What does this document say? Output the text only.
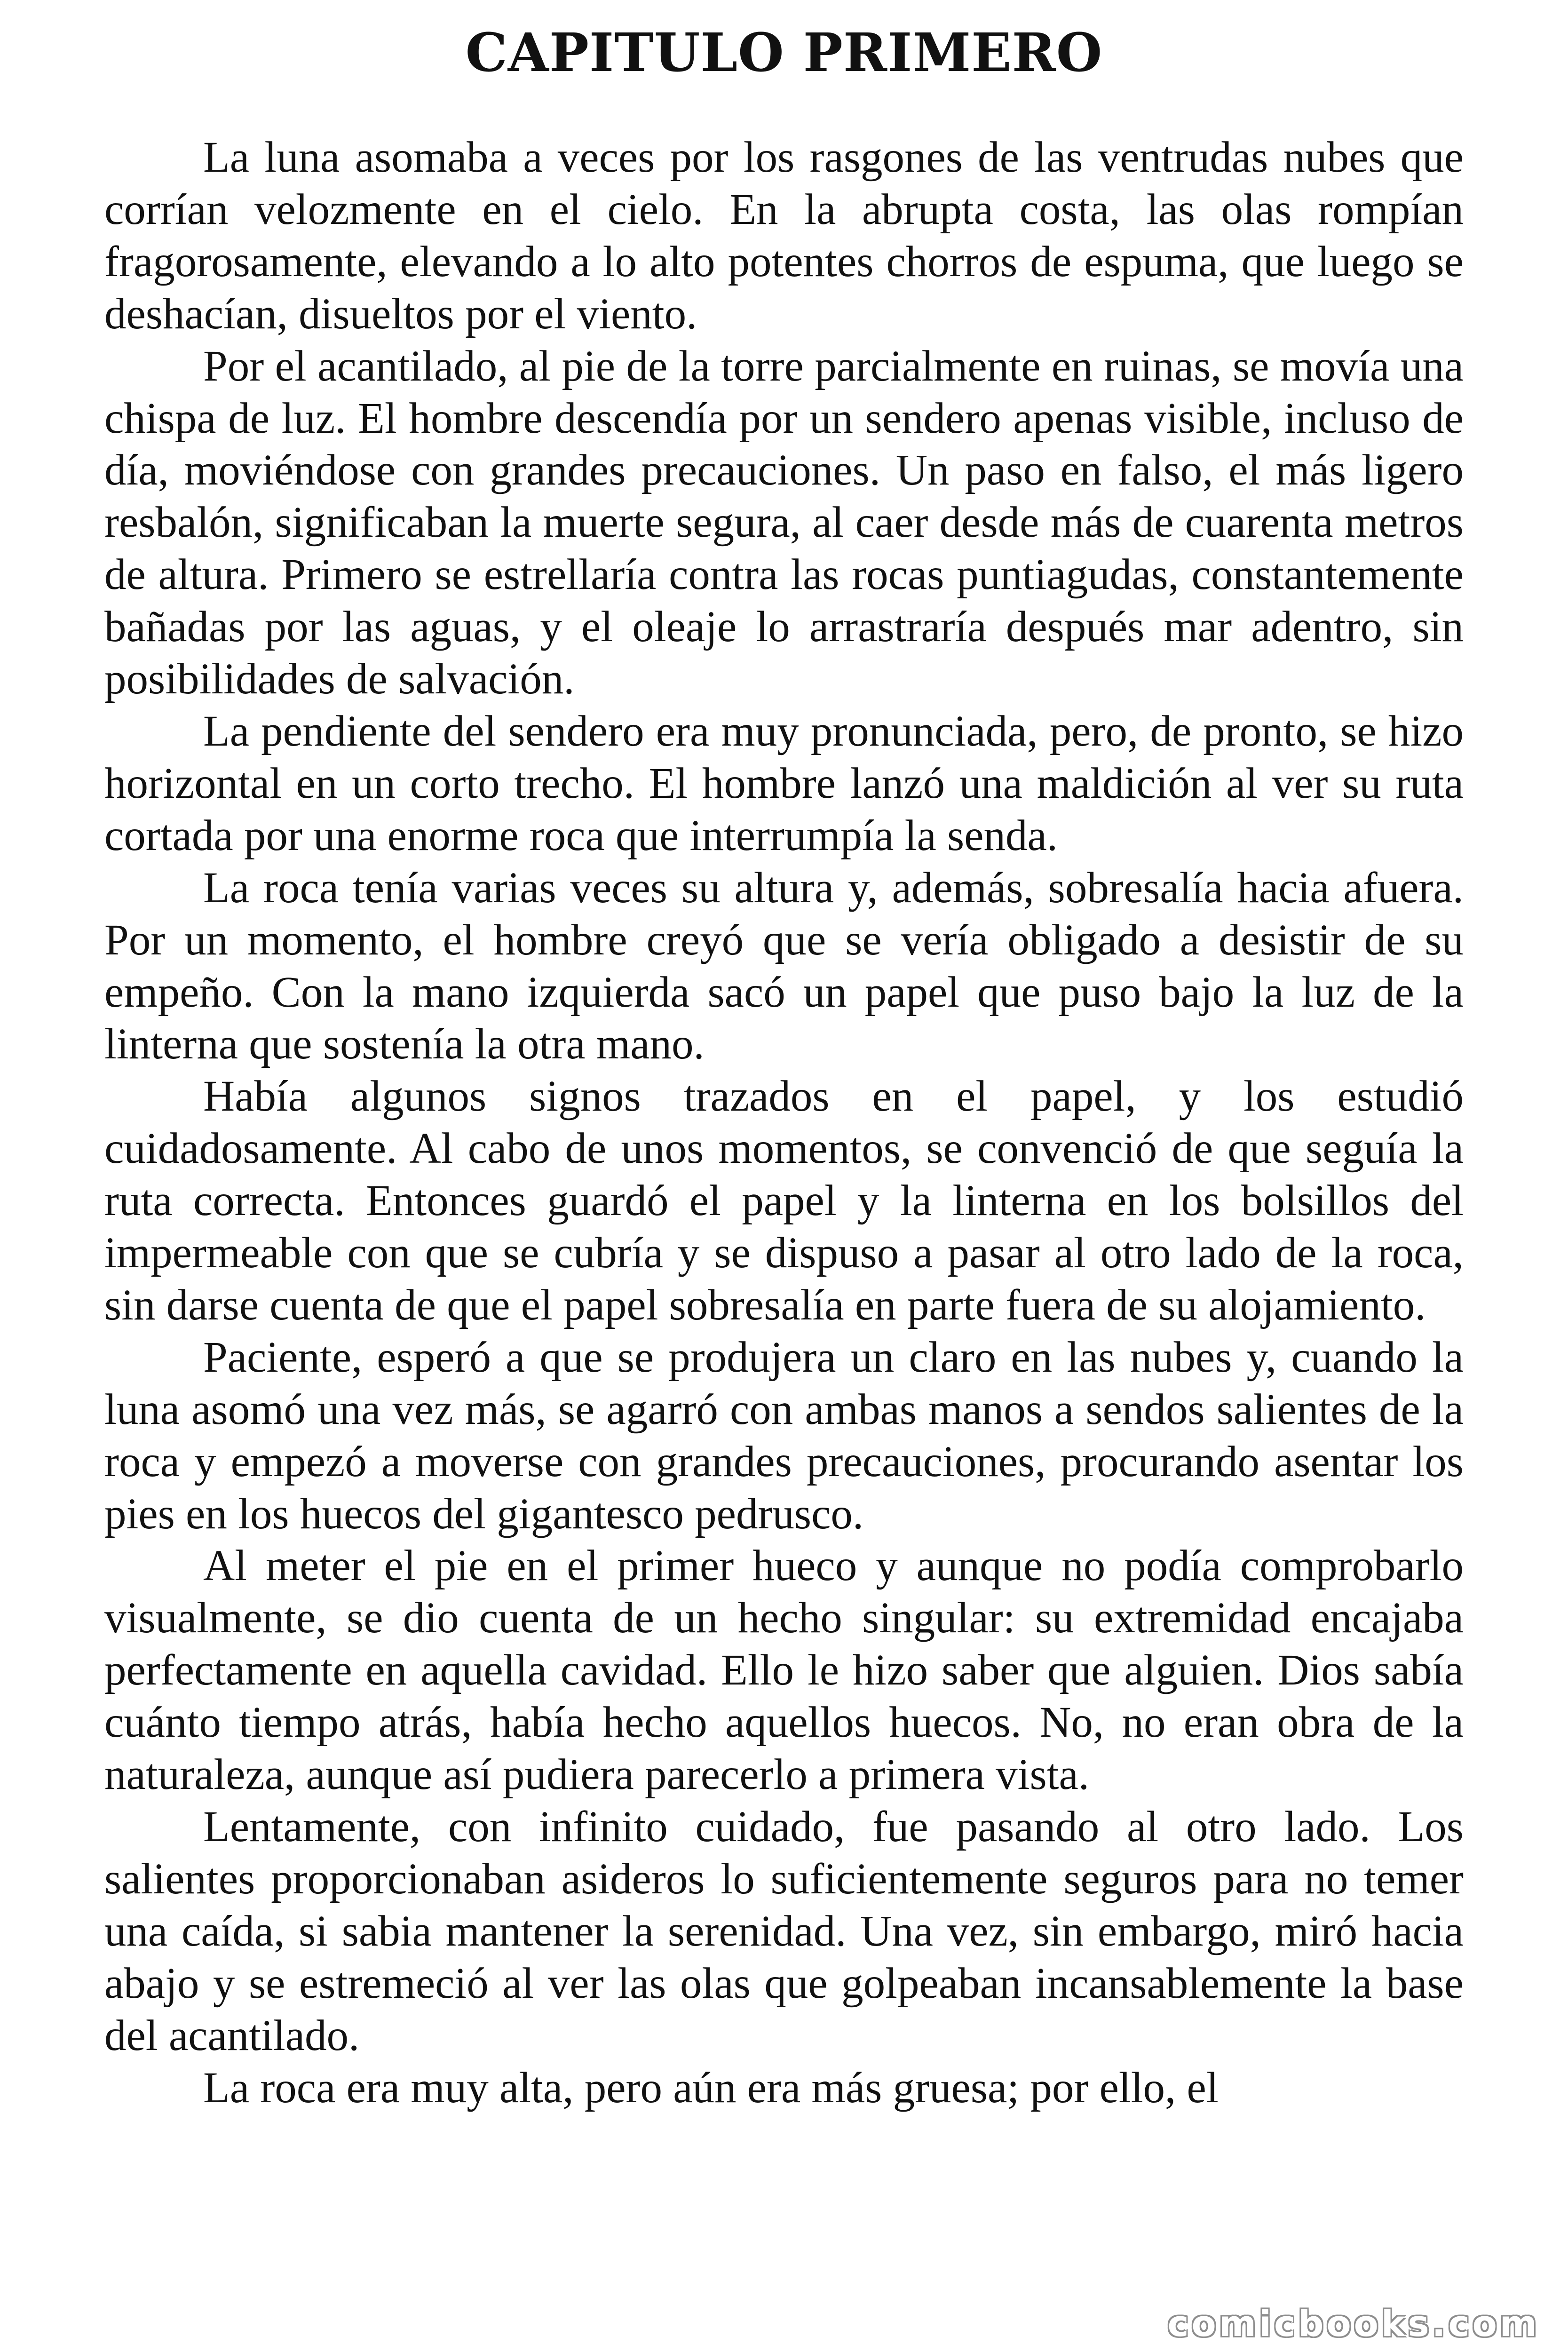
CAPITULO PRIMERO

La luna asomaba a veces por los rasgones de las ventrudas nubes que corrían velozmente en el cielo. En la abrupta costa, las olas rompían fragorosamente, elevando a lo alto potentes chorros de espuma, que luego se deshacían, disueltos por el viento.

Por el acantilado, al pie de la torre parcialmente en ruinas, se movía una chispa de luz. El hombre descendía por un sendero apenas visible, incluso de día, moviéndose con grandes precauciones. Un paso en falso, el más ligero resbalón, significaban la muerte segura, al caer desde más de cuarenta metros de altura. Primero se estrellaría contra las rocas puntiagudas, constantemente bañadas por las aguas, y el oleaje lo arrastraría después mar adentro, sin posibilidades de salvación.

La pendiente del sendero era muy pronunciada, pero, de pronto, se hizo horizontal en un corto trecho. El hombre lanzó una maldición al ver su ruta cortada por una enorme roca que interrumpía la senda.

La roca tenía varias veces su altura y, además, sobresalía hacia afuera. Por un momento, el hombre creyó que se vería obligado a desistir de su empeño. Con la mano izquierda sacó un papel que puso bajo la luz de la linterna que sostenía la otra mano.

Había algunos signos trazados en el papel, y los estudió cuidadosamente. Al cabo de unos momentos, se convenció de que seguía la ruta correcta. Entonces guardó el papel y la linterna en los bolsillos del impermeable con que se cubría y se dispuso a pasar al otro lado de la roca, sin darse cuenta de que el papel sobresalía en parte fuera de su alojamiento.

Paciente, esperó a que se produjera un claro en las nubes y, cuando la luna asomó una vez más, se agarró con ambas manos a sendos salientes de la roca y empezó a moverse con grandes precauciones, procurando asentar los pies en los huecos del gigantesco pedrusco.

Al meter el pie en el primer hueco y aunque no podía comprobarlo visualmente, se dio cuenta de un hecho singular: su extremidad encajaba perfectamente en aquella cavidad. Ello le hizo saber que alguien. Dios sabía cuánto tiempo atrás, había hecho aquellos huecos. No, no eran obra de la naturaleza, aunque así pudiera parecerlo a primera vista.

Lentamente, con infinito cuidado, fue pasando al otro lado. Los salientes proporcionaban asideros lo suficientemente seguros para no temer una caída, si sabia mantener la serenidad. Una vez, sin embargo, miró hacia abajo y se estremeció al ver las olas que golpeaban incansablemente la base del acantilado.

La roca era muy alta, pero aún era más gruesa; por ello, el

comicbooks.com
